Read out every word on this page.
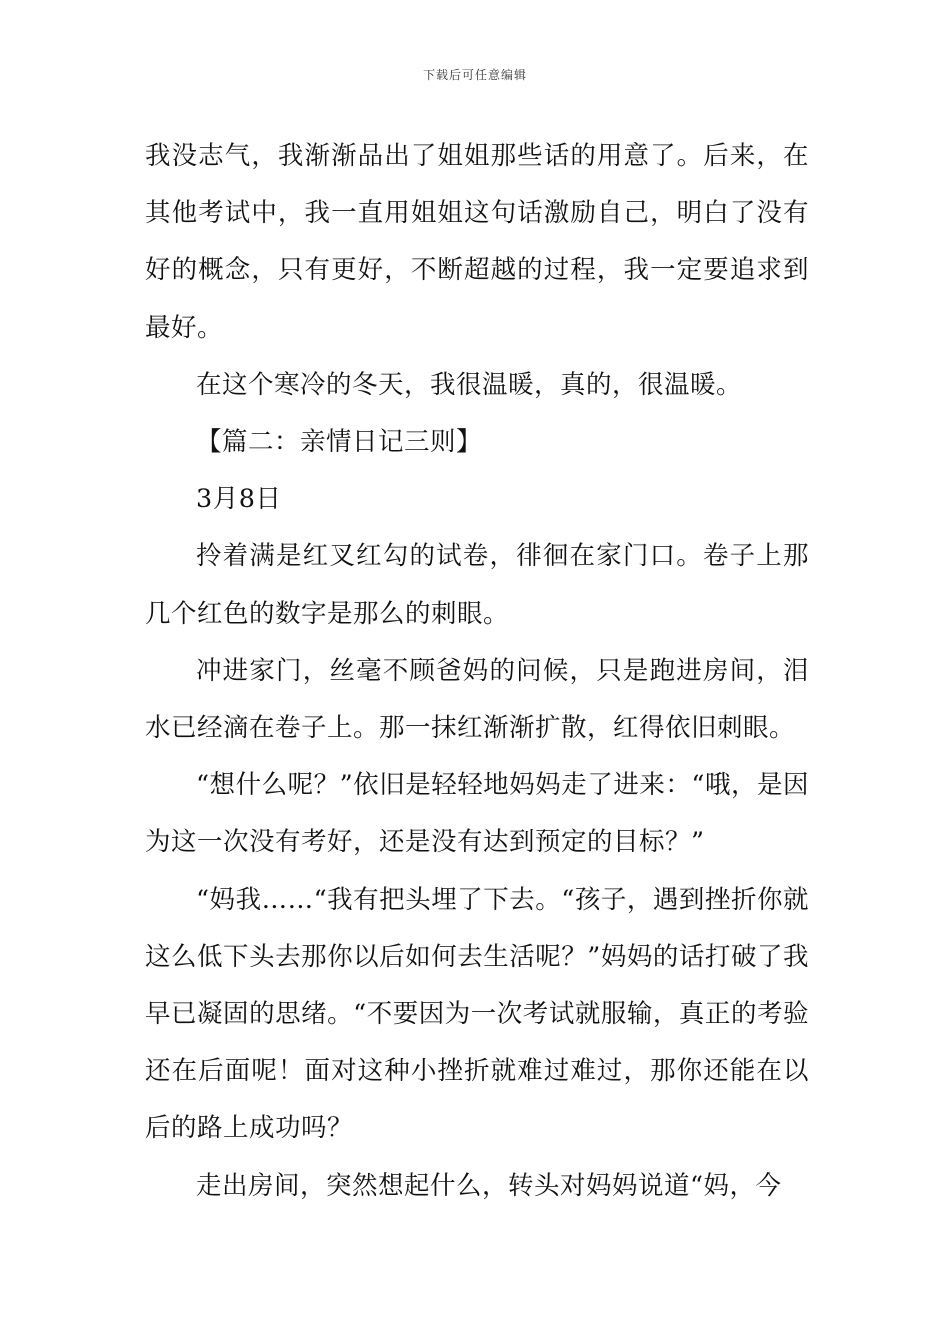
下载后可任意编辑

我没志气，我渐渐品出了姐姐那些话的用意了。后来，在其他考试中，我一直用姐姐这句话激励自己，明白了没有好的概念，只有更好，不断超越的过程，我一定要追求到最好。

在这个寒冷的冬天，我很温暖，真的，很温暖。

【篇二：亲情日记三则】

3月8日

拎着满是红叉红勾的试卷，徘徊在家门口。卷子上那几个红色的数字是那么的刺眼。

冲进家门，丝毫不顾爸妈的问候，只是跑进房间，泪水已经滴在卷子上。那一抹红渐渐扩散，红得依旧刺眼。

“想什么呢？”依旧是轻轻地妈妈走了进来：“哦，是因为这一次没有考好，还是没有达到预定的目标？”

“妈我……“我有把头埋了下去。“孩子，遇到挫折你就这么低下头去那你以后如何去生活呢？”妈妈的话打破了我早已凝固的思绪。“不要因为一次考试就服输，真正的考验还在后面呢！面对这种小挫折就难过难过，那你还能在以后的路上成功吗？

走出房间，突然想起什么，转头对妈妈说道“妈，今
